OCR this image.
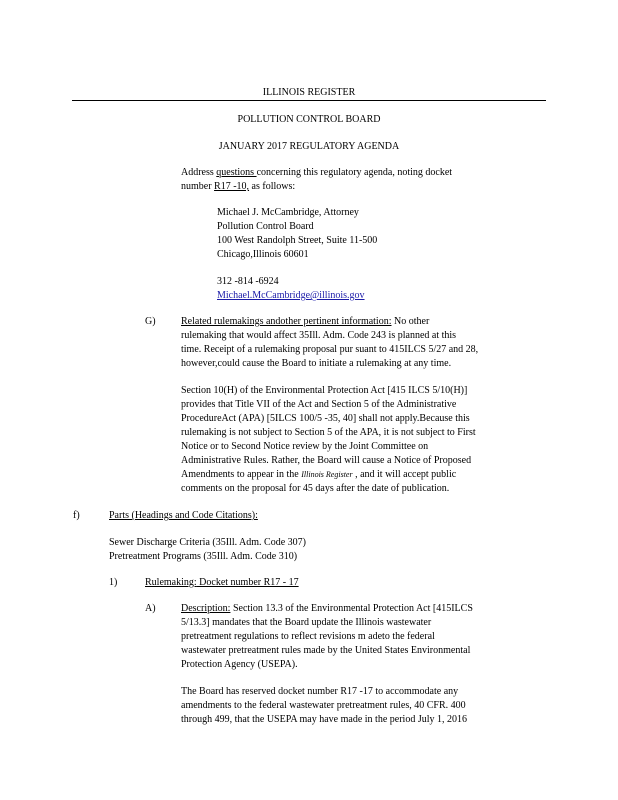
ILLINOIS REGISTER
POLLUTION CONTROL BOARD
JANUARY 2017 REGULATORY AGENDA
Address questions concerning this regulatory agenda, noting docket
number R17 -10, as follows:
Michael J. McCambridge, Attorney
Pollution Control Board
100 West Randolph Street, Suite 11-500
Chicago,Illinois 60601
312 -814 -6924
Michael.McCambridge@illinois.gov
G)	Related rulemakings andother pertinent information: No other
rulemaking that would affect 35Ill. Adm. Code 243 is planned at this
time. Receipt of a rulemaking proposal pur suant to 415ILCS 5/27 and 28,
however,could cause the Board to initiate a rulemaking at any time.
Section 10(H) of the Environmental Protection Act [415 ILCS 5/10(H)]
provides that Title VII of the Act and Section 5 of the Administrative
ProcedureAct (APA) [5ILCS 100/5 -35, 40] shall not apply.Because this
rulemaking is not subject to Section 5 of the APA, it is not subject to First
Notice or to Second Notice review by the Joint Committee on
Administrative Rules. Rather, the Board will cause a Notice of Proposed
Amendments to appear in the Illinois Register , and it will accept public
comments on the proposal for 45 days after the date of publication.
f)	Parts (Headings and Code Citations):
Sewer Discharge Criteria (35Ill. Adm. Code 307)
Pretreatment Programs (35Ill. Adm. Code 310)
1)	Rulemaking: Docket number R17 - 17
A)	Description: Section 13.3 of the Environmental Protection Act [415ILCS
5/13.3] mandates that the Board update the Illinois wastewater
pretreatment regulations to reflect revisions m adeto the federal
wastewater pretreatment rules made by the United States Environmental
Protection Agency (USEPA).
The Board has reserved docket number R17 -17 to accommodate any
amendments to the federal wastewater pretreatment rules, 40 CFR. 400
through 499, that the USEPA may have made in the period July 1, 2016
